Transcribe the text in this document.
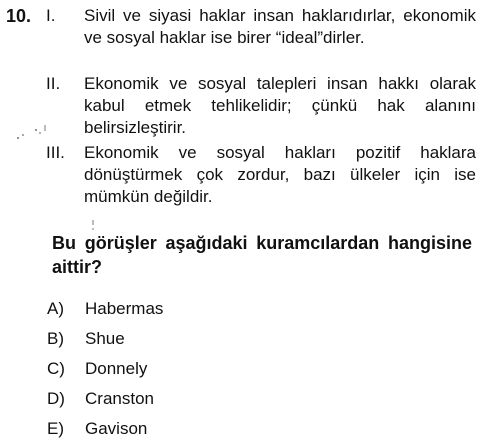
10. I.	Sivil ve siyasi haklar insan haklarıdırlar, ekonomik ve sosyal haklar ise birer “ideal”dirler.
II.	Ekonomik ve sosyal talepleri insan hakkı olarak kabul etmek tehlikelidir; çünkü hak alanını belirsizleştirir.
III.	Ekonomik ve sosyal hakları pozitif haklara dönüştürmek çok zordur, bazı ülkeler için ise mümkün değildir.
Bu görüşler aşağıdaki kuramcılardan hangisine aittir?
A) Habermas
B) Shue
C) Donnely
D) Cranston
E) Gavison
